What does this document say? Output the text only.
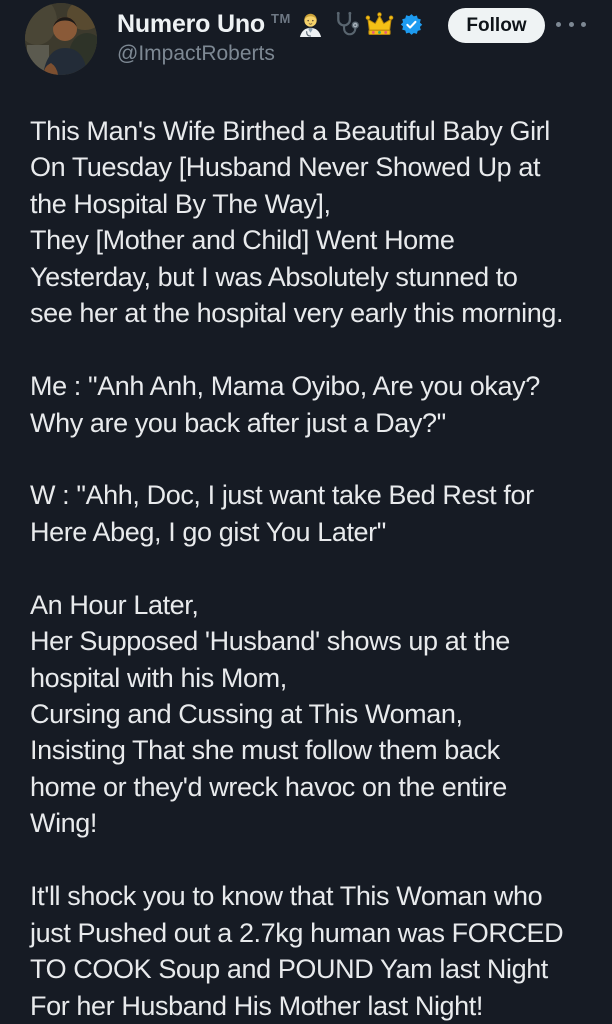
Numero Uno TM
@ImpactRoberts
Follow
This Man's Wife Birthed a Beautiful Baby Girl
On Tuesday [Husband Never Showed Up at
the Hospital By The Way],
They [Mother and Child] Went Home
Yesterday, but I was Absolutely stunned to
see her at the hospital very early this morning.
Me : "Anh Anh, Mama Oyibo, Are you okay?
Why are you back after just a Day?"
W : "Ahh, Doc, I just want take Bed Rest for
Here Abeg, I go gist You Later"
An Hour Later,
Her Supposed 'Husband' shows up at the
hospital with his Mom,
Cursing and Cussing at This Woman,
Insisting That she must follow them back
home or they'd wreck havoc on the entire
Wing!
It'll shock you to know that This Woman who
just Pushed out a 2.7kg human was FORCED
TO COOK Soup and POUND Yam last Night
For her Husband His Mother last Night!
